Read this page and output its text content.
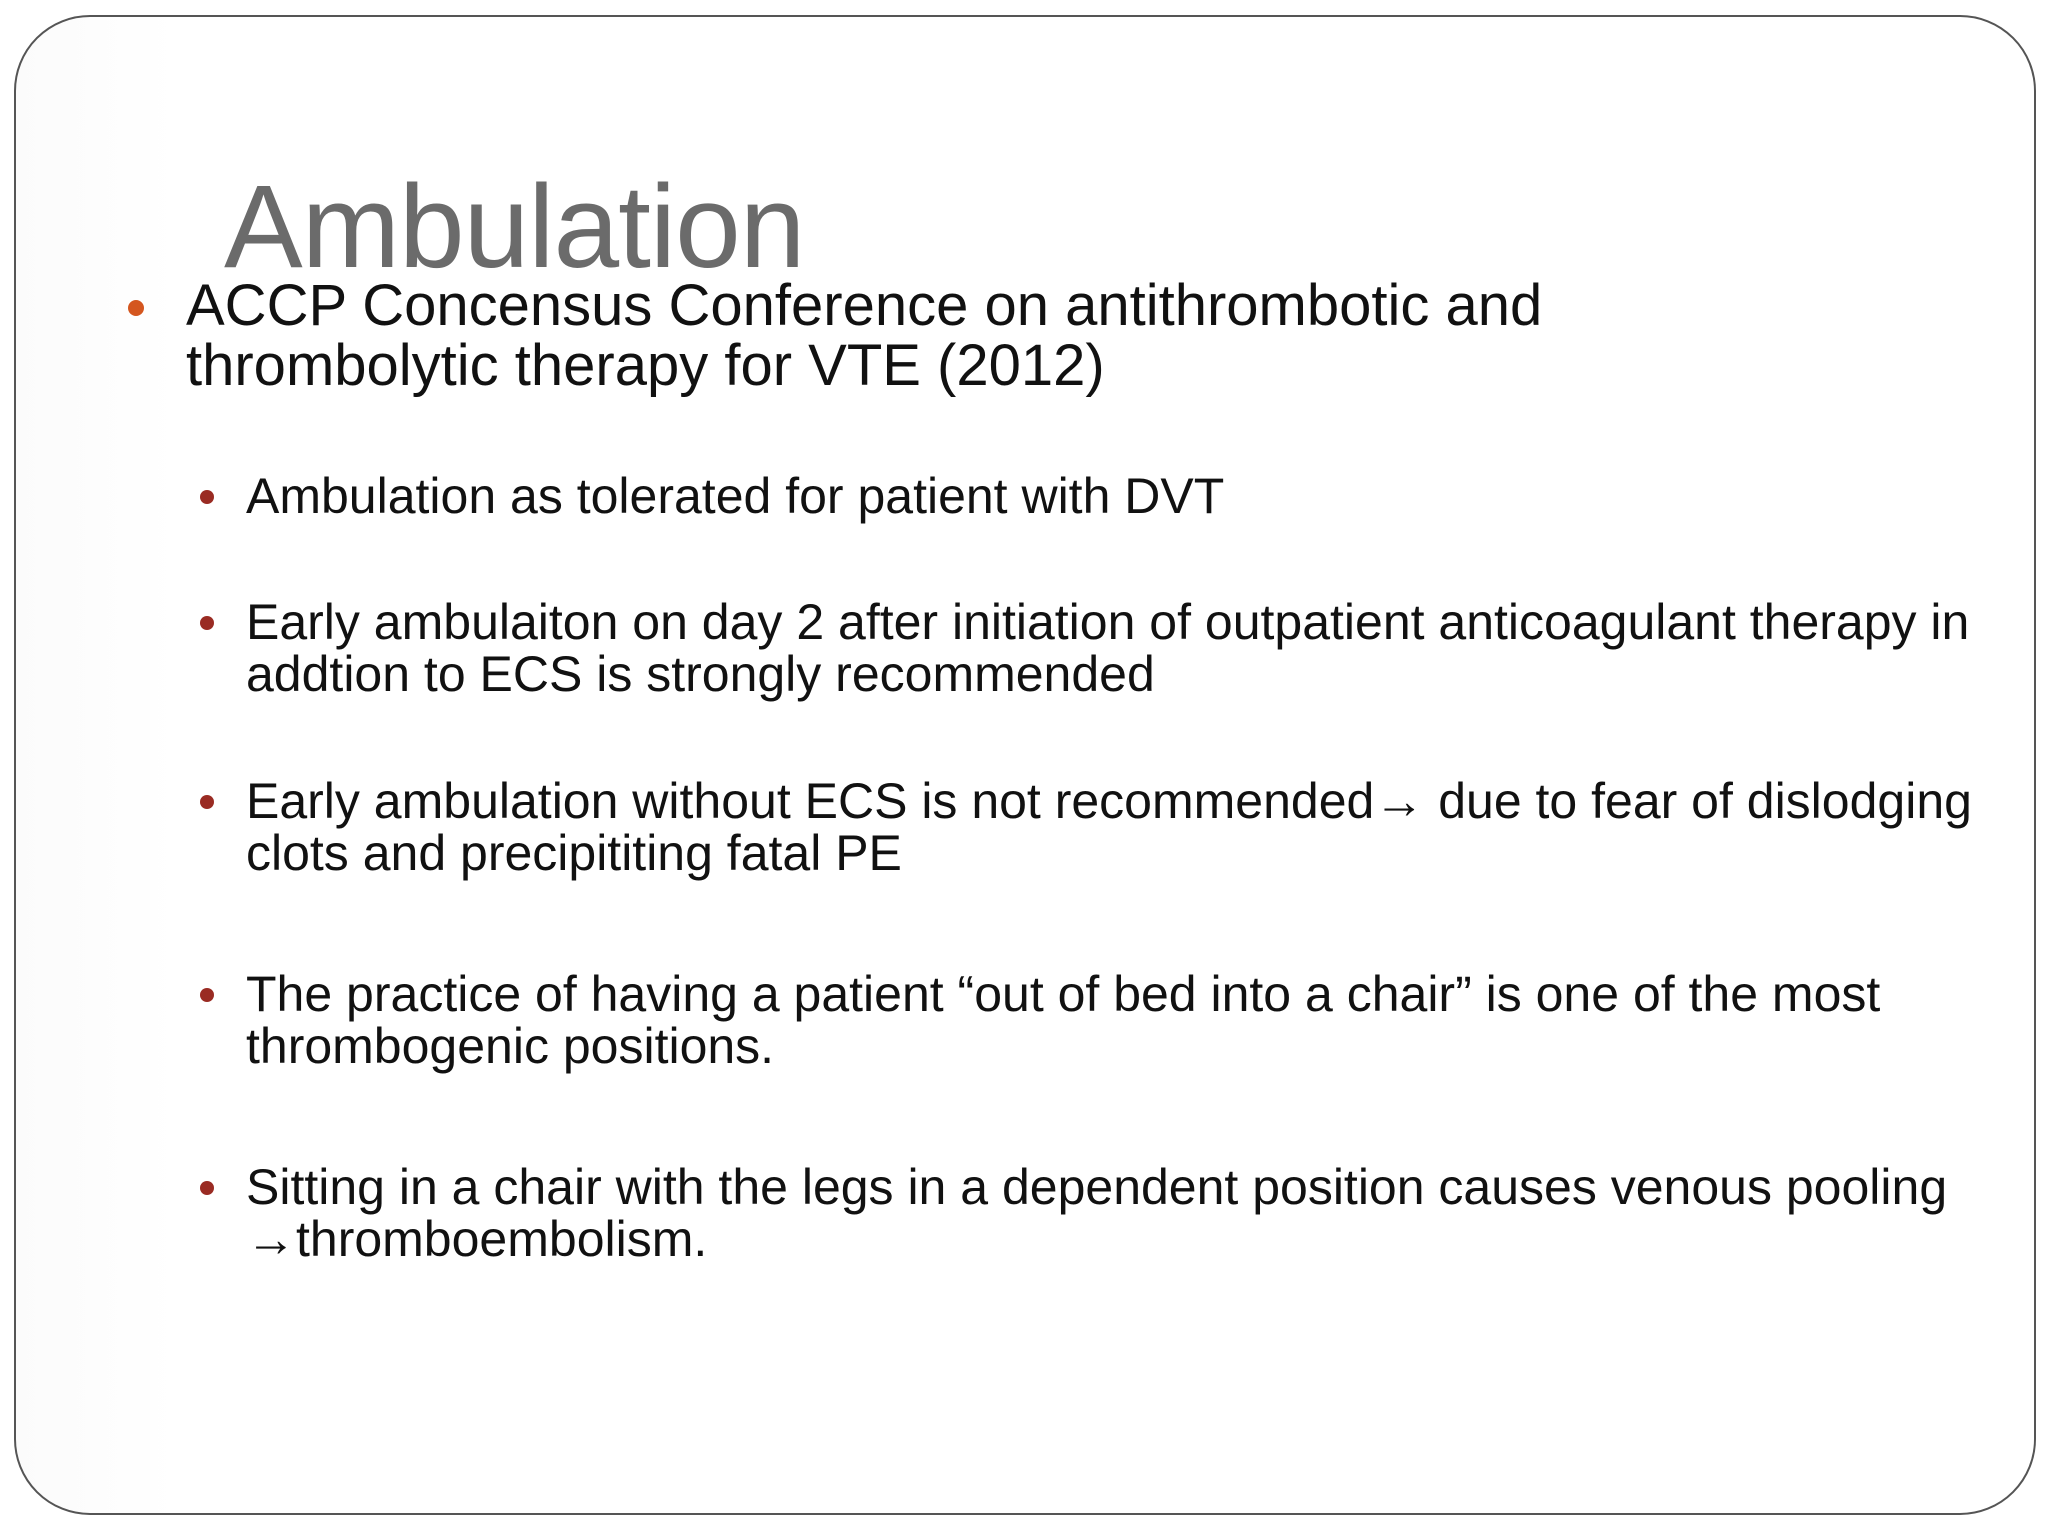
Ambulation
ACCP Concensus Conference on antithrombotic and thrombolytic therapy for VTE (2012)
Ambulation as tolerated for patient with DVT
Early ambulaiton on day 2 after initiation of outpatient anticoagulant therapy in addtion to ECS is strongly recommended
Early ambulation without ECS is not recommended→ due to fear of dislodging clots and precipititing fatal PE
The practice of having a patient “out of bed into a chair” is one of the most thrombogenic positions.
Sitting in a chair with the legs in a dependent position causes venous pooling →thromboembolism.
